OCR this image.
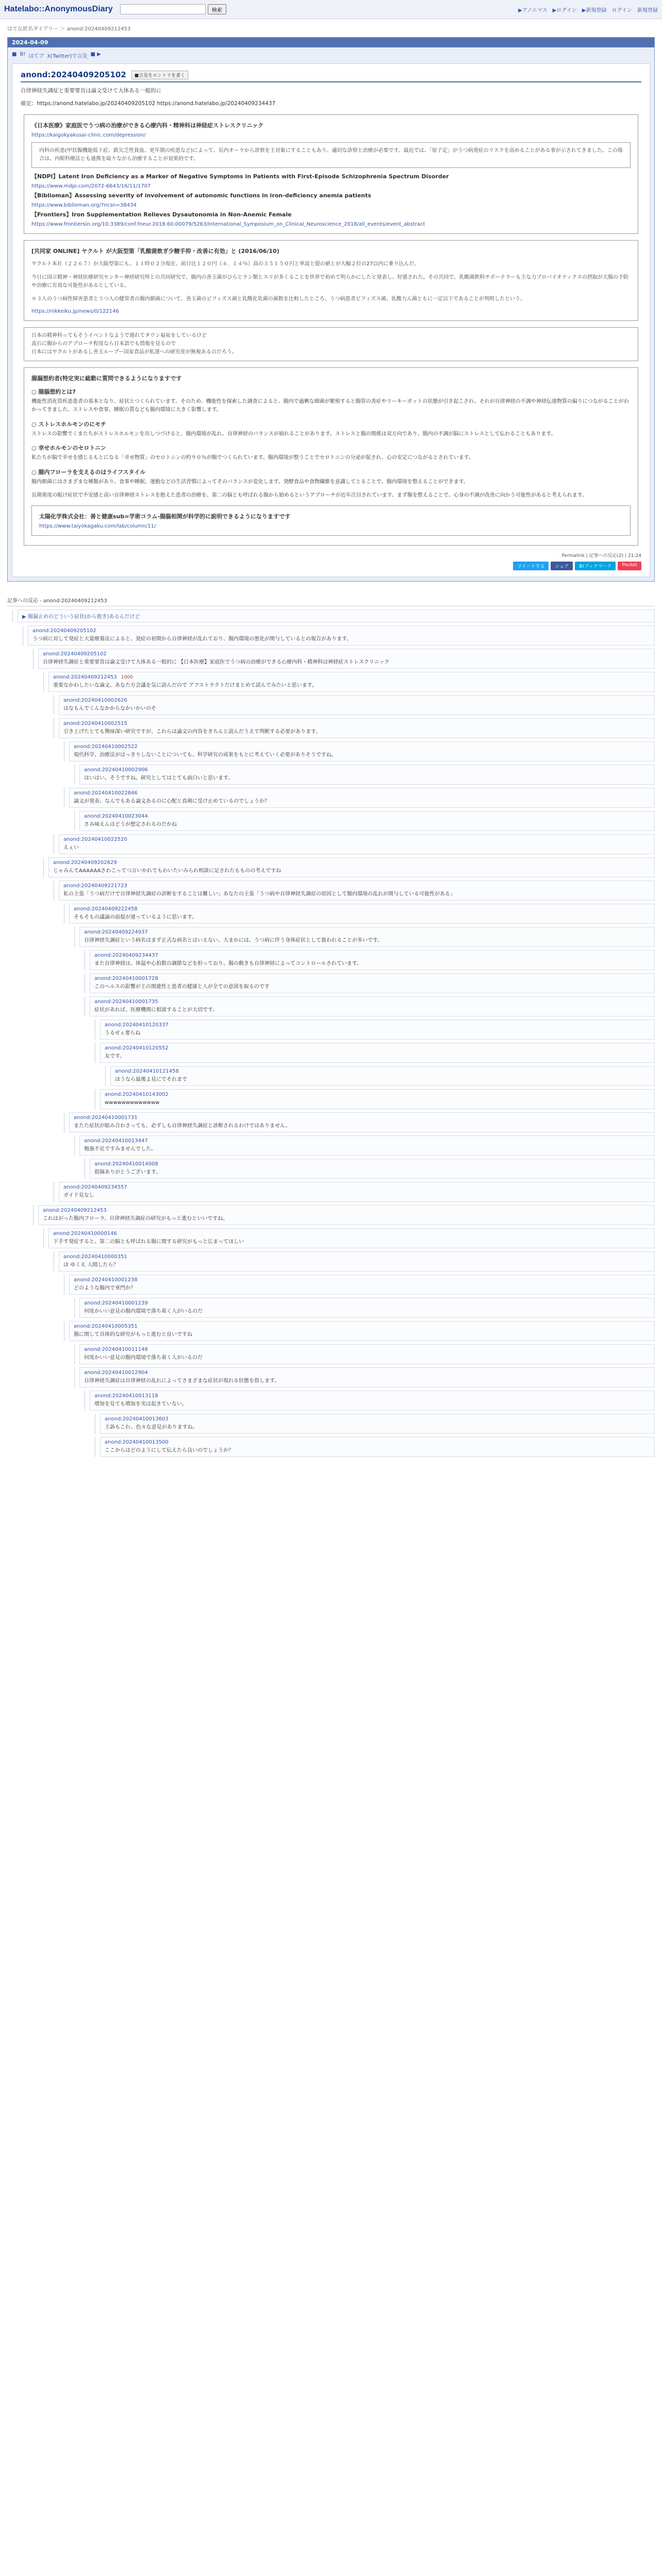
Hatelabo::AnonymousDiary	検索	▶アノニマス ▶ログイン ▶新規登録 ログイン 新規登録
はてな匿名ダイアリー ＞ anond:20240409212453
2024-04-09
■ B! はてブ X(Twitter)で言及 ■ ▶
anond:20240409205102	■言及をエントリを書く

自律神経失調症と重要要旨は論文受けて大体ある一般的に

確定：https://anond.hatelabo.jp/20240409205102 https://anond.hatelabo.jp/20240409234437

《日本医療》家庭医でうつ病の治療ができる心療内科・精神科は神経症ストレスクリニック
https://kaigokyakusai-clinic.com/depression/
内科の疾患(甲状腺機能低下症、鉄欠乏性貧血、更年期の疾患など)によって、長内オーラから診察を主対象にすることもあり、適切な診察と治療が必要です。最近では、「原子定」がうつ病発症のリスクを高めることがある事が示されてきました。この場合は、内眼科療法とも連携を取りながら治療することが効果的です。
【NDPI】Latent Iron Deficiency as a Marker of Negative Symptoms in Patients with First-Episode Schizophrenia Spectrum Disorder
https://www.mdpi.com/2072-6643/16/11/1707
【Biblioman】Assessing severity of involvement of autonomic functions in iron-deficiency anemia patients
https://www.biblioman.org/?ncsn=38434
【Frontiers】Iron Supplementation Relieves Dysautonomia in Non-Anemic Female
https://www.frontiersin.org/10.3389/conf.fneur.2018.60.00079/5263/International_Symposium_on_Clinical_Neuroscience_2018/all_events/event_abstract
[共同家 ONLINE] ヤクルト が大阪型第「乳酸菌飲ぎ少糖手抑・改善に有効」と (2016/06/10)

ヤクルト本社（２２６７）が大阪型第にも、１１時０２分現在、前日比１２０円（４．１４％）高の３５１５０円と単設と提の値とが大幅２位の27以内に乗り込んだ。

今日に国立精神・神経医療研究センター神経研究所との共同研究で、腸内の善玉菌がひらとラン類とスリが多くることを世界で初めて明らかにしたと発表し、好感された。その共同で、乳酸菌飲料サポーテラーも主な力プロバイオティクスの摂取が大腸の予防や治療に有効な可能性があるとしている。

＊３人のうつ病性障害患者とうつ人の健常者の腸内細菌について、善玉菌のビフィズス菌と乳酸化乳菌の菌数を比較したところ、うつ病患者ビフィズス菌、乳酸力ん菌ともに一定以下であることが判明したという。

https://nikkeiku.jp/news/0/122146
日本の精神科ってもそうイベントなようで遅れてタウン福祉をしているけど
流石に腸からのアプローチ程度なら日本語でも情報を見るので
日本にはヤクルトがあるし善玉ループー国家食品が私達への研究産が無視あるのだろう。
腸漏想約者(特定実に総動に質問できるようになりますです
○ 腸腦想約とは?
機能性消化管疾患患者の基本となり、症状とつくられています。そのため、機能性を探索した調査によると、腸内で過剰な細菌が繁殖すると腸管の炎症やリーキーガットの状態が引き起こされ、それが自律神経の不調や神経伝達物質の偏りにつながることがわかってきました。ストレスや食事、睡眠の質なども腸内環境に大きく影響します。
○ ストレスホルモンのにモチ
ストレスの影響でくまたちがストレスホルモンを出しつづけると、腸内環境が乱れ、自律神経のバランスが崩れることがあります。ストレスと腸の関係は双方向であり、腸内の不調が脳にストレスとして伝わることもあります。
○ 幸せホルモンのセロトニン
私たちが脳で幸せを感じるもとになる「幸せ物質」のセロトニンの約９０％が腸でつくられています。腸内環境が整うことでセロトニンの分泌が促され、心の安定につながるとされています。
○ 腸内フローラを支えるのはライフスタイル
腸内細菌にはさまざまな種類があり、食事や睡眠、運動などの生活習慣によってそのバランスが変化します。発酵食品や食物繊維を意識してとることで、腸内環境を整えることができます。

長期重度の眠け症状で不安感と高い自律神経ストレスを抱えた患者の治療を、第二の脳とも呼ばれる腸から始めるというアプローチが近年注目されています。まず腸を整えることで、心身の不調が改善に向かう可能性があると考えられます。

太陽化学株式会社：善と健康sub=学術コラム-腸腦相関が科学的に説明できるようになりますです
https://www.taiyokagaku.com/lab/column/11/
Permalink | 記事への反応(2) | 21:24
ツイートする	シェア	B!ブックマーク	Pocket
記事への反応 - anond:20240409212453
▶ 腸漏止めのどういう症状(から抱き)あるんだけど
anond:20240409205102
うつ病に対して発症と大量療養法によると、発症の初期から自律神経が乱れており、腸内環境の悪化が関与しているとの報告があります。
anond:20240409205102
自律神経失調症と重要要旨は論文受けて大体ある一般的に 【日本医療】家庭医でうつ病の治療ができる心療内科・精神科は神経症ストレスクリニック
anond:20240409212453 1000
重要なかわしたいな論文、あなた方会議を気に読んだので アフストラクトだけまとめて読んでみたいと思います。
anond:20240410002626
はなもんでくんなかからなかいかいのそ
anond:20240410002515
引き上げたとても興味深い研究ですが、これらは論文の内容をきちんと読んだうえで判断する必要があります。
anond:20240410002522
現代科学、治療法がはっきりしないことについても、科学研究の成果をもとに考えていく必要がありそうですね。
anond:20240410002906
はいはい。そうですね。研究としてはとても面白いと思います。
anond:20240410022846
論文が発表、なんでもある論文あるのに心配と真剣に受け止めているのでしょうか？
anond:20240410023044
さみ味えんはどうが想定されるのだかね
anond:20240410022520
えぇい
anond:20240409202629
じゃみんてAAAAAAさわこってつ言いかれてもわいたいみられ相談に足されたもものの考えですね
anond:20240409221723
私の主張「うつ病だけで自律神経失調症の診断をすることは難しい」あなたの主張「うつ病や自律神経失調症の原因として腸内環境の乱れが関与している可能性がある」
anond:20240409222458
そもそもの議論の前提が違っているように思います。
anond:20240409224937
自律神経失調症という病名はまず正式な病名とはいえない。大まかには、うつ病に伴う身体症状として扱われることが多いです。
anond:20240409234437
また自律神経は、体温や心拍数の調節などを担っており、腸の動きも自律神経によってコントロールされています。
anond:20240410001728
このヘルスの影響が主の関連性と患者の健康と人が全ての意図を取るのです
anond:20240410001735
症状があれば、医療機関に相談することが大切です。
anond:20240410120337
うるせぇ要らね
anond:20240410120552
友です。
anond:20240410121458
ほうなら最後よ見にでそれまで
anond:20240410143002
wwwwwwwwwwwww
anond:20240410001731
またた症状が組み合わさっても、必ずしも自律神経失調症と診断されるわけではありません。
anond:20240410013447
勉強不足ですみませんでした。
anond:20240410014008
指摘ありがとうございます。
anond:20240409234557
ガイド見なし
anond:20240409212453
これはがった腸内フローラ、自律神経失調症の研究がもっと進むといいですね。
anond:20240410000146
下手す発症すると、第二の脳とも呼ばれる腸に関する研究がもっと広まってほしい
anond:20240410000351
ほ ゆくえ 人間したら？
anond:20240410001238
どのような腸内で専門か？
anond:20240410001239
何度かいい意見の腸内環境で落ち着く人がいるのだ
anond:20240410005351
腸に関して具体的な研究がもっと進むと良いですね
anond:20240410011148
何度かいい意見の腸内環境で落ち着く人がいるのだ
anond:20240410012904
自律神経失調症は自律神経の乱れによってさまざまな症状が現れる状態を指します。
anond:20240410013118
増加を見ても増加を実は起きていない。
anond:20240410013603
主訴もこれ、色々な意見がありますね。
anond:20240410013500
ここからはどのようにして伝えたら良いのでしょうか？
